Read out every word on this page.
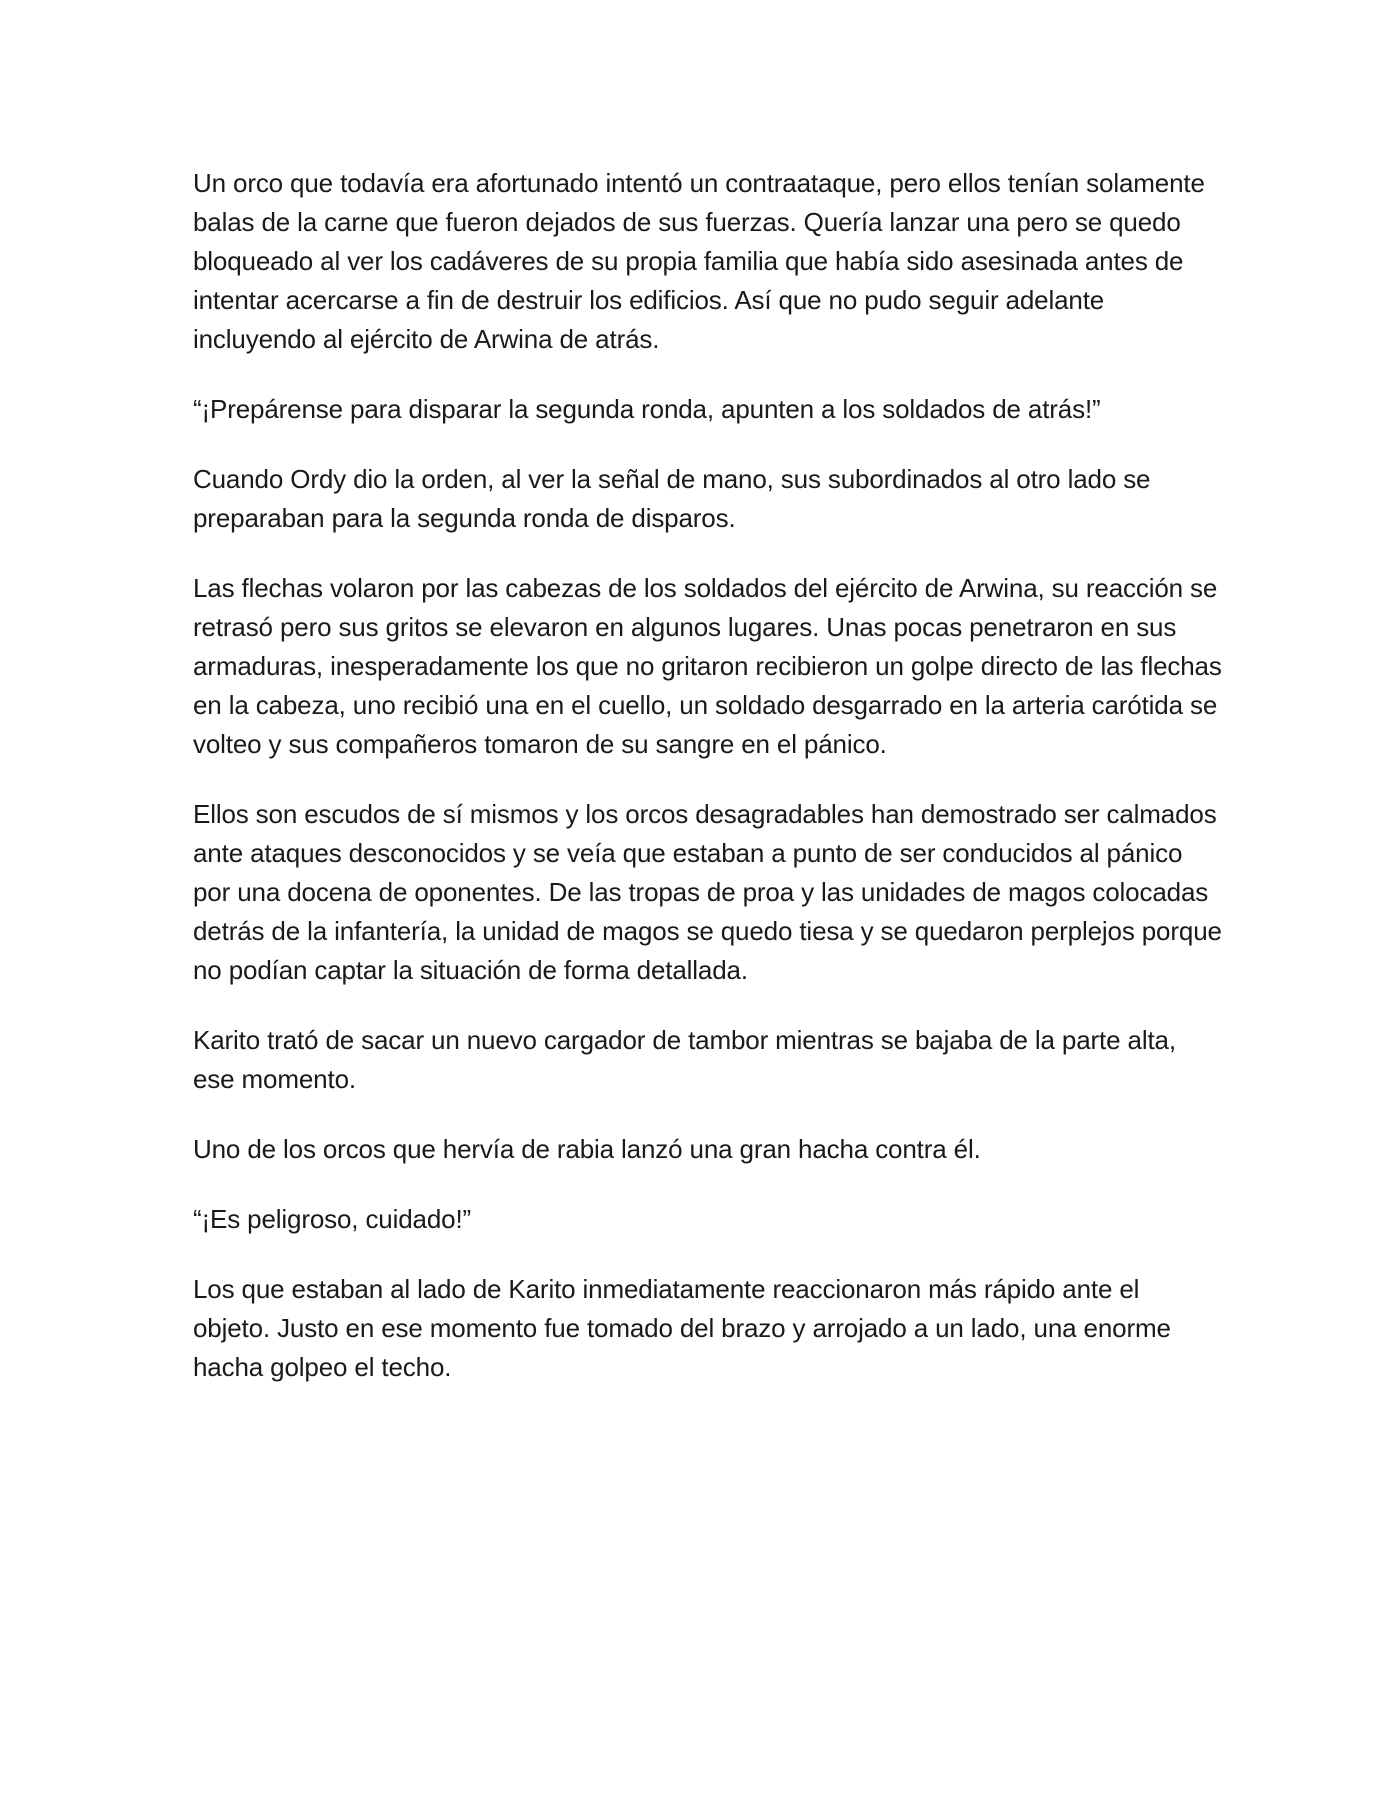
Un orco que todavía era afortunado intentó un contraataque, pero ellos tenían solamente balas de la carne que fueron dejados de sus fuerzas. Quería lanzar una pero se quedo bloqueado al ver los cadáveres de su propia familia que había sido asesinada antes de intentar acercarse a fin de destruir los edificios. Así que no pudo seguir adelante incluyendo al ejército de Arwina de atrás.

“¡Prepárense para disparar la segunda ronda, apunten a los soldados de atrás!”

Cuando Ordy dio la orden, al ver la señal de mano, sus subordinados al otro lado se preparaban para la segunda ronda de disparos.

Las flechas volaron por las cabezas de los soldados del ejército de Arwina, su reacción se retrasó pero sus gritos se elevaron en algunos lugares. Unas pocas penetraron en sus armaduras, inesperadamente los que no gritaron recibieron un golpe directo de las flechas en la cabeza, uno recibió una en el cuello, un soldado desgarrado en la arteria carótida se volteo y sus compañeros tomaron de su sangre en el pánico.

Ellos son escudos de sí mismos y los orcos desagradables han demostrado ser calmados ante ataques desconocidos y se veía que estaban a punto de ser conducidos al pánico por una docena de oponentes. De las tropas de proa y las unidades de magos colocadas detrás de la infantería, la unidad de magos se quedo tiesa y se quedaron perplejos porque no podían captar la situación de forma detallada.

Karito trató de sacar un nuevo cargador de tambor mientras se bajaba de la parte alta, ese momento.

Uno de los orcos que hervía de rabia lanzó una gran hacha contra él.

“¡Es peligroso, cuidado!”

Los que estaban al lado de Karito inmediatamente reaccionaron más rápido ante el objeto. Justo en ese momento fue tomado del brazo y arrojado a un lado, una enorme hacha golpeo el techo.
